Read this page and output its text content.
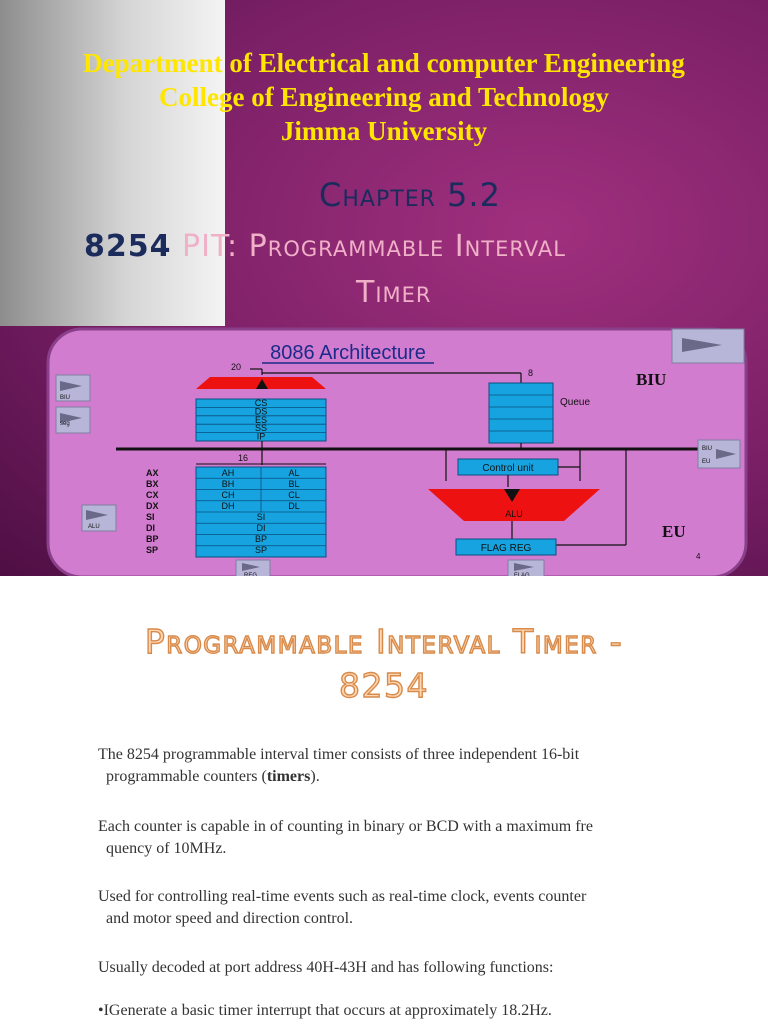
Department of Electrical and computer Engineering
College of Engineering and Technology
Jimma University
Chapter 5.2
8254 PIT: Programmable Interval
Timer
8086 Architecture
BIU
EU
4
20
8
CS
DS
ES
SS
IP
Queue
16
AX
BX
CX
DX
SI
DI
BP
SP
AH	AL
BH	BL
CH	CL
DH	DL
SI
DI
BP
SP
Control unit
ALU
FLAG REG
BIU
seg
ALU
REG	FLAG
BIU
EU
Programmable Interval Timer -
8254
The 8254 programmable interval timer consists of three independent 16-bit
programmable counters (timers).
Each counter is capable in of counting in binary or BCD with a maximum fre
quency of 10MHz.
Used for controlling real-time events such as real-time clock, events counter
and motor speed and direction control.
Usually decoded at port address 40H-43H and has following functions:
•IGenerate a basic timer interrupt that occurs at approximately 18.2Hz.
